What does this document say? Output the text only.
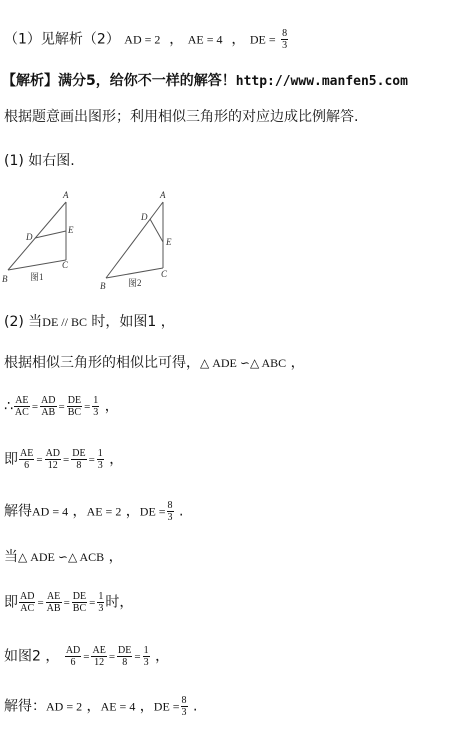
（1）见解析（2） AD = 2  ， AE = 4  ， DE = $\frac{8}{3}$
【解析】满分5，给你不一样的解答！http://www.manfen5.com
根据题意画出图形；利用相似三角形的对应边成比例解答.
(1) 如右图.
A
D
E
B
C
图1
A
D
E
B
C
图2
(2) 当DE // BC 时，如图1 ，
根据相似三角形的相似比可得，△ ADE ∽△ ABC ，
∴ $\frac{AE}{AC} = \frac{AD}{AB} = \frac{DE}{BC} = \frac{1}{3}$ ，
即 $\frac{AE}{6} = \frac{AD}{12} = \frac{DE}{8} = \frac{1}{3}$ ，
解得AD = 4 ，AE = 2 ，DE = $\frac{8}{3}$ .
当△ ADE ∽△ ACB ，
即 $\frac{AD}{AC} = \frac{AE}{AB} = \frac{DE}{BC} = \frac{1}{3}$ 时，
如图2 ， $\frac{AD}{6} = \frac{AE}{12} = \frac{DE}{8} = \frac{1}{3}$ ，
解得：AD = 2 ，AE = 4 ，DE = $\frac{8}{3}$ .
